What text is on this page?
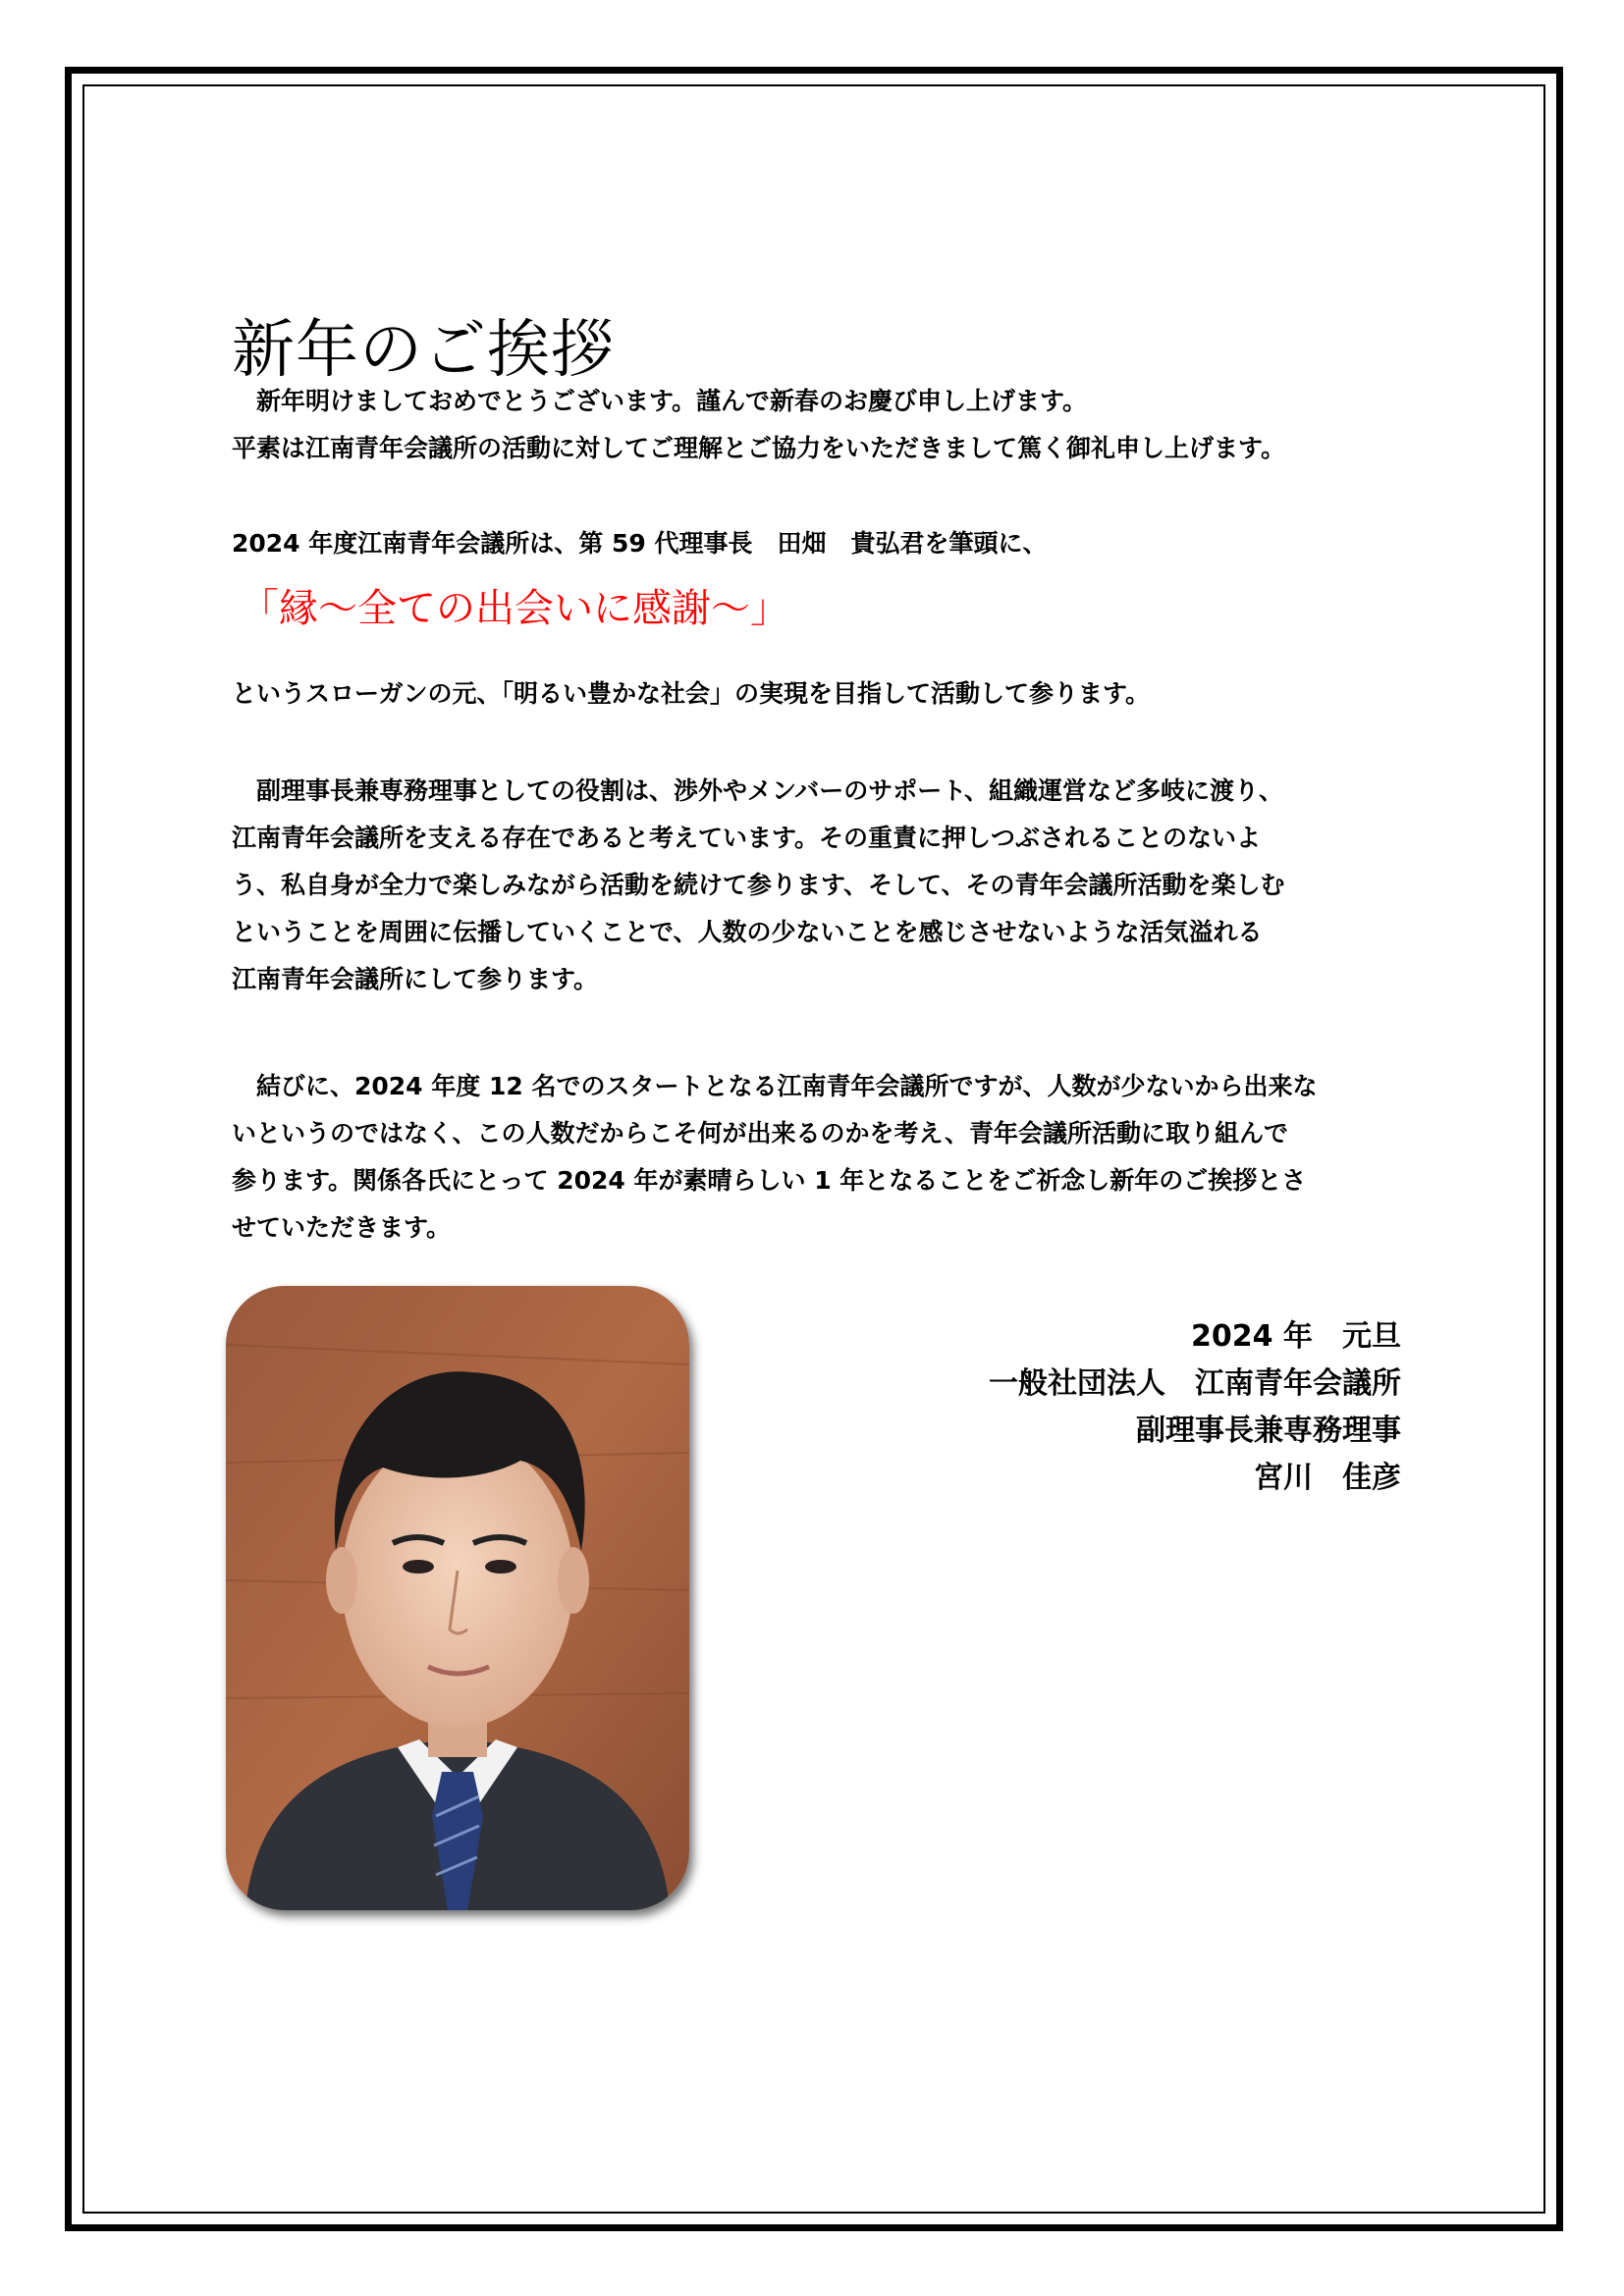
新年のご挨拶
　新年明けましておめでとうございます。謹んで新春のお慶び申し上げます。
平素は江南青年会議所の活動に対してご理解とご協力をいただきまして篤く御礼申し上げます。
2024 年度江南青年会議所は、第 59 代理事長　田畑　貴弘君を筆頭に、
「縁～全ての出会いに感謝～」
というスローガンの元、「明るい豊かな社会」の実現を目指して活動して参ります。
　副理事長兼専務理事としての役割は、渉外やメンバーのサポート、組織運営など多岐に渡り、
江南青年会議所を支える存在であると考えています。その重責に押しつぶされることのないよ
う、私自身が全力で楽しみながら活動を続けて参ります、そして、その青年会議所活動を楽しむ
ということを周囲に伝播していくことで、人数の少ないことを感じさせないような活気溢れる
江南青年会議所にして参ります。
　結びに、2024 年度 12 名でのスタートとなる江南青年会議所ですが、人数が少ないから出来な
いというのではなく、この人数だからこそ何が出来るのかを考え、青年会議所活動に取り組んで
参ります。関係各氏にとって 2024 年が素晴らしい 1 年となることをご祈念し新年のご挨拶とさ
せていただきます。
2024 年　元旦
一般社団法人　江南青年会議所
副理事長兼専務理事
宮川　佳彦
